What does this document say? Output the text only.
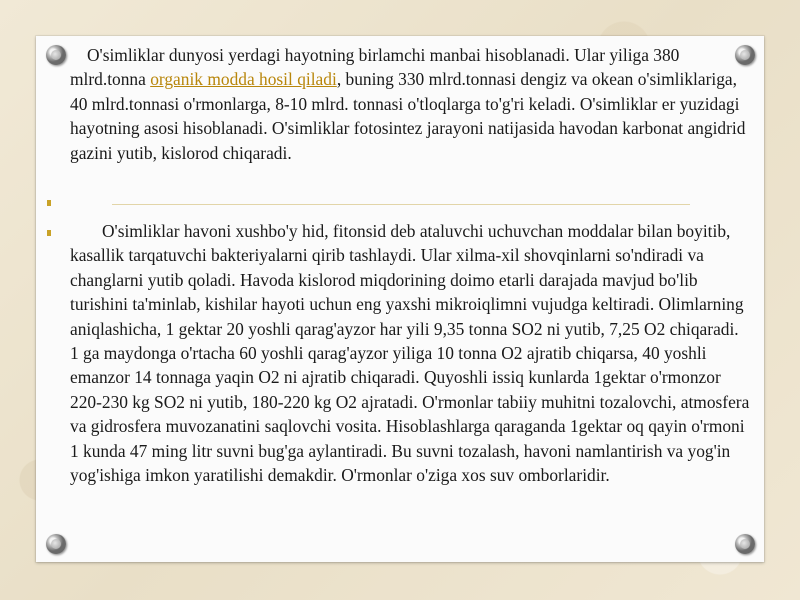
O'simliklar dunyosi yerdagi hayotning birlamchi manbai hisoblanadi. Ular yiliga 380 mlrd.tonna organik modda hosil qiladi, buning 330 mlrd.tonnasi dengiz va okean o'simliklariga, 40 mlrd.tonnasi o'rmonlarga, 8-10 mlrd. tonnasi o'tloqlarga to'g'ri keladi. O'simliklar er yuzidagi hayotning asosi hisoblanadi. O'simliklar fotosintez jarayoni natijasida havodan karbonat angidrid gazini yutib, kislorod chiqaradi.

O'simliklar havoni xushbo'y hid, fitonsid deb ataluvchi uchuvchan moddalar bilan boyitib, kasallik tarqatuvchi bakteriyalarni qirib tashlaydi. Ular xilma-xil shovqinlarni so'ndiradi va changlarni yutib qoladi. Havoda kislorod miqdorining doimo etarli darajada mavjud bo'lib turishini ta'minlab, kishilar hayoti uchun eng yaxshi mikroiqlimni vujudga keltiradi. Olimlarning aniqlashicha, 1 gektar 20 yoshli qarag'ayzor har yili 9,35 tonna SO2 ni yutib, 7,25 O2 chiqaradi. 1 ga maydonga o'rtacha 60 yoshli qarag'ayzor yiliga 10 tonna O2 ajratib chiqarsa, 40 yoshli emanzor 14 tonnaga yaqin O2 ni ajratib chiqaradi. Quyoshli issiq kunlarda 1gektar o'rmonzor 220-230 kg SO2 ni yutib, 180-220 kg O2 ajratadi. O'rmonlar tabiiy muhitni tozalovchi, atmosfera va gidrosfera muvozanatini saqlovchi vosita. Hisoblashlarga qaraganda 1gektar oq qayin o'rmoni 1 kunda 47 ming litr suvni bug'ga aylantiradi. Bu suvni tozalash, havoni namlantirish va yog'in yog'ishiga imkon yaratilishi demakdir. O'rmonlar o'ziga xos suv omborlaridir.
